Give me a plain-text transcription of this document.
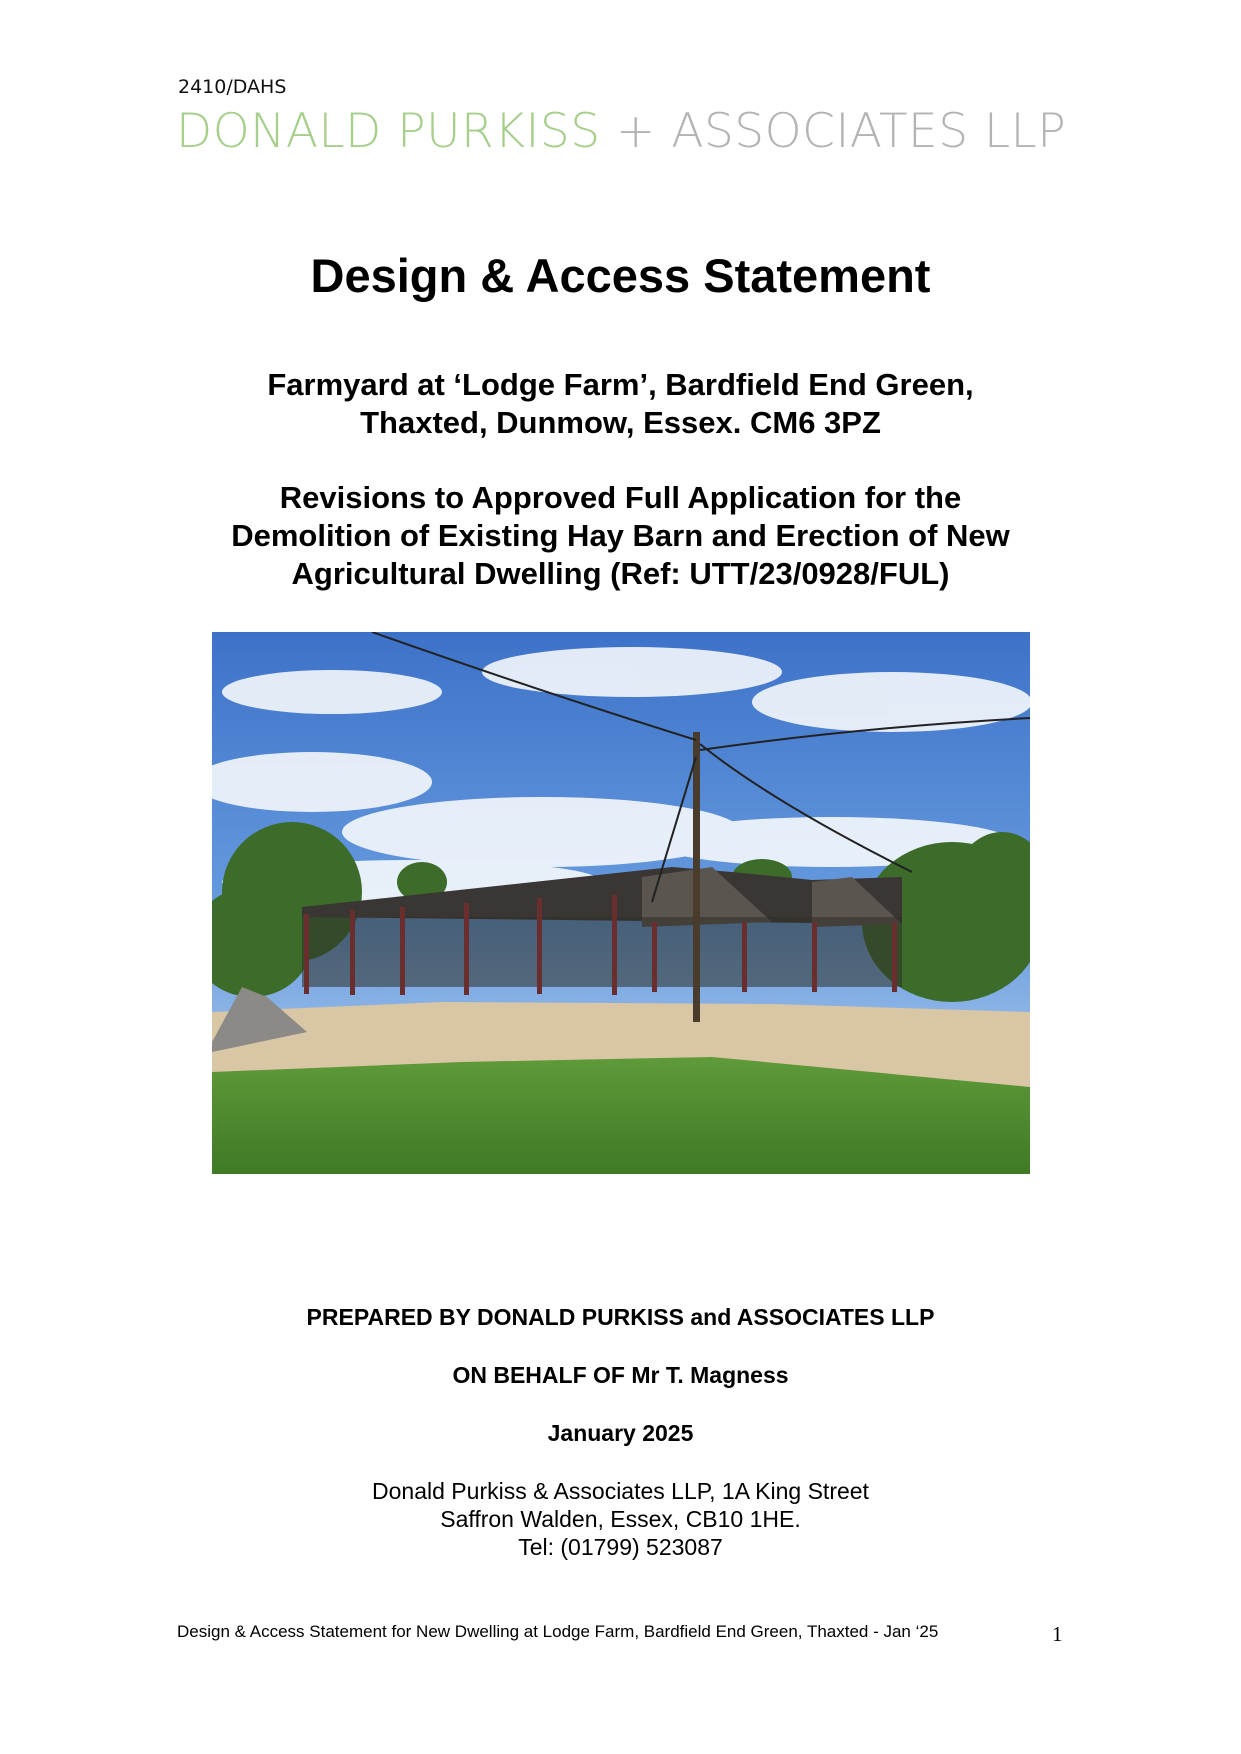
2410/DAHS
DONALD PURKISS + ASSOCIATES LLP
Design & Access Statement
Farmyard at ‘Lodge Farm’, Bardfield End Green,
Thaxted, Dunmow, Essex. CM6 3PZ
Revisions to Approved Full Application for the
Demolition of Existing Hay Barn and Erection of New
Agricultural Dwelling (Ref: UTT/23/0928/FUL)
PREPARED BY DONALD PURKISS and ASSOCIATES LLP
ON BEHALF OF Mr T. Magness
January 2025
Donald Purkiss & Associates LLP, 1A King Street
Saffron Walden, Essex, CB10 1HE.
Tel: (01799) 523087
Design & Access Statement for New Dwelling at Lodge Farm, Bardfield End Green, Thaxted - Jan ‘25	1
